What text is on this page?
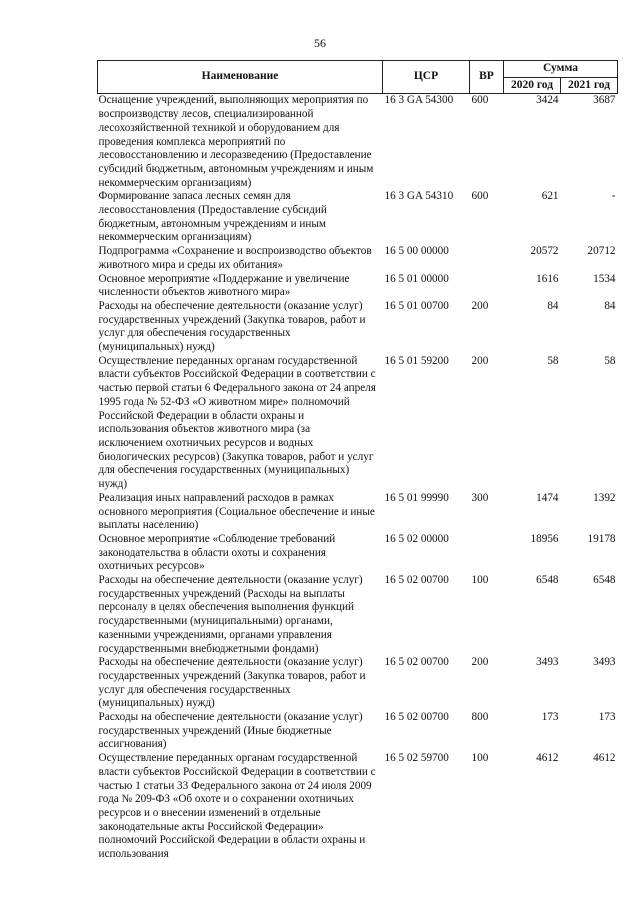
56
Наименование	ЦСР	ВР	Сумма	
			2020 год	2021 год
Оснащение учреждений, выполняющих мероприятия по воспроизводству лесов, специализированной лесохозяйственной техникой и оборудованием для проведения комплекса мероприятий по лесовосстановлению и лесоразведению (Предоставление субсидий бюджетным, автономным учреждениям и иным некоммерческим организациям)	16 3 GA 54300	600	3424	3687
Формирование запаса лесных семян для лесовосстановления (Предоставление субсидий бюджетным, автономным учреждениям и иным некоммерческим организациям)	16 3 GA 54310	600	621	-
Подпрограмма «Сохранение и воспроизводство объектов животного мира и среды их обитания»	16 5 00 00000		20572	20712
Основное мероприятие «Поддержание и увеличение численности объектов животного мира»	16 5 01 00000		1616	1534
Расходы на обеспечение деятельности (оказание услуг) государственных учреждений (Закупка товаров, работ и услуг для обеспечения государственных (муниципальных) нужд)	16 5 01 00700	200	84	84
Осуществление переданных органам государственной власти субъектов Российской Федерации в соответствии с частью первой статьи 6 Федерального закона от 24 апреля 1995 года № 52-ФЗ «О животном мире» полномочий Российской Федерации в области охраны и использования объектов животного мира (за исключением охотничьих ресурсов и водных биологических ресурсов) (Закупка товаров, работ и услуг для обеспечения государственных (муниципальных) нужд)	16 5 01 59200	200	58	58
Реализация иных направлений расходов в рамках основного мероприятия (Социальное обеспечение и иные выплаты населению)	16 5 01 99990	300	1474	1392
Основное мероприятие «Соблюдение требований законодательства в области охоты и сохранения охотничьих ресурсов»	16 5 02 00000		18956	19178
Расходы на обеспечение деятельности (оказание услуг) государственных учреждений (Расходы на выплаты персоналу в целях обеспечения выполнения функций государственными (муниципальными) органами, казенными учреждениями, органами управления государственными внебюджетными фондами)	16 5 02 00700	100	6548	6548
Расходы на обеспечение деятельности (оказание услуг) государственных учреждений (Закупка товаров, работ и услуг для обеспечения государственных (муниципальных) нужд)	16 5 02 00700	200	3493	3493
Расходы на обеспечение деятельности (оказание услуг) государственных учреждений (Иные бюджетные ассигнования)	16 5 02 00700	800	173	173
Осуществление переданных органам государственной власти субъектов Российской Федерации в соответствии с частью 1 статьи 33 Федерального закона от 24 июля 2009 года № 209-ФЗ «Об охоте и о сохранении охотничьих ресурсов и о внесении изменений в отдельные законодательные акты Российской Федерации» полномочий Российской Федерации в области охраны и использования	16 5 02 59700	100	4612	4612
